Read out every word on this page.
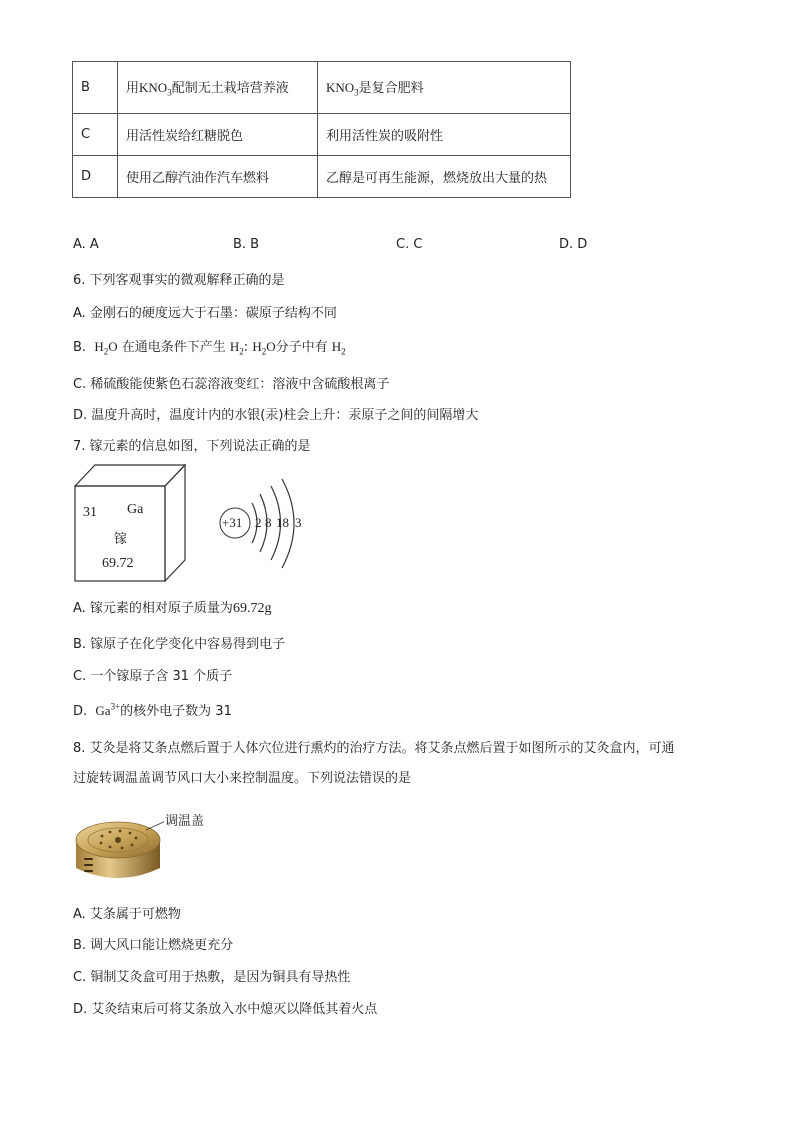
B	用$KNO_3$配制无土栽培营养液	$KNO_3$是复合肥料
C	用活性炭给红糖脱色	利用活性炭的吸附性
D	使用乙醇汽油作汽车燃料	乙醇是可再生能源，燃烧放出大量的热
A. A	B. B	C. C	D. D
6. 下列客观事实的微观解释正确的是
A. 金刚石的硬度远大于石墨：碳原子结构不同
B. $H_2O$ 在通电条件下产生 $H_2$: $H_2O$分子中有 $H_2$
C. 稀硫酸能使紫色石蕊溶液变红：溶液中含硫酸根离子
D. 温度升高时，温度计内的水银(汞)柱会上升：汞原子之间的间隔增大
7. 镓元素的信息如图，下列说法正确的是
31 Ga
镓
69.72
+31 2 8 18 3
A. 镓元素的相对原子质量为69.72g
B. 镓原子在化学变化中容易得到电子
C. 一个镓原子含 31 个质子
D. $Ga^{3+}$的核外电子数为 31
8. 艾灸是将艾条点燃后置于人体穴位进行熏灼的治疗方法。将艾条点燃后置于如图所示的艾灸盒内，可通
过旋转调温盖调节风口大小来控制温度。下列说法错误的是
调温盖
A. 艾条属于可燃物
B. 调大风口能让燃烧更充分
C. 铜制艾灸盒可用于热敷，是因为铜具有导热性
D. 艾灸结束后可将艾条放入水中熄灭以降低其着火点
